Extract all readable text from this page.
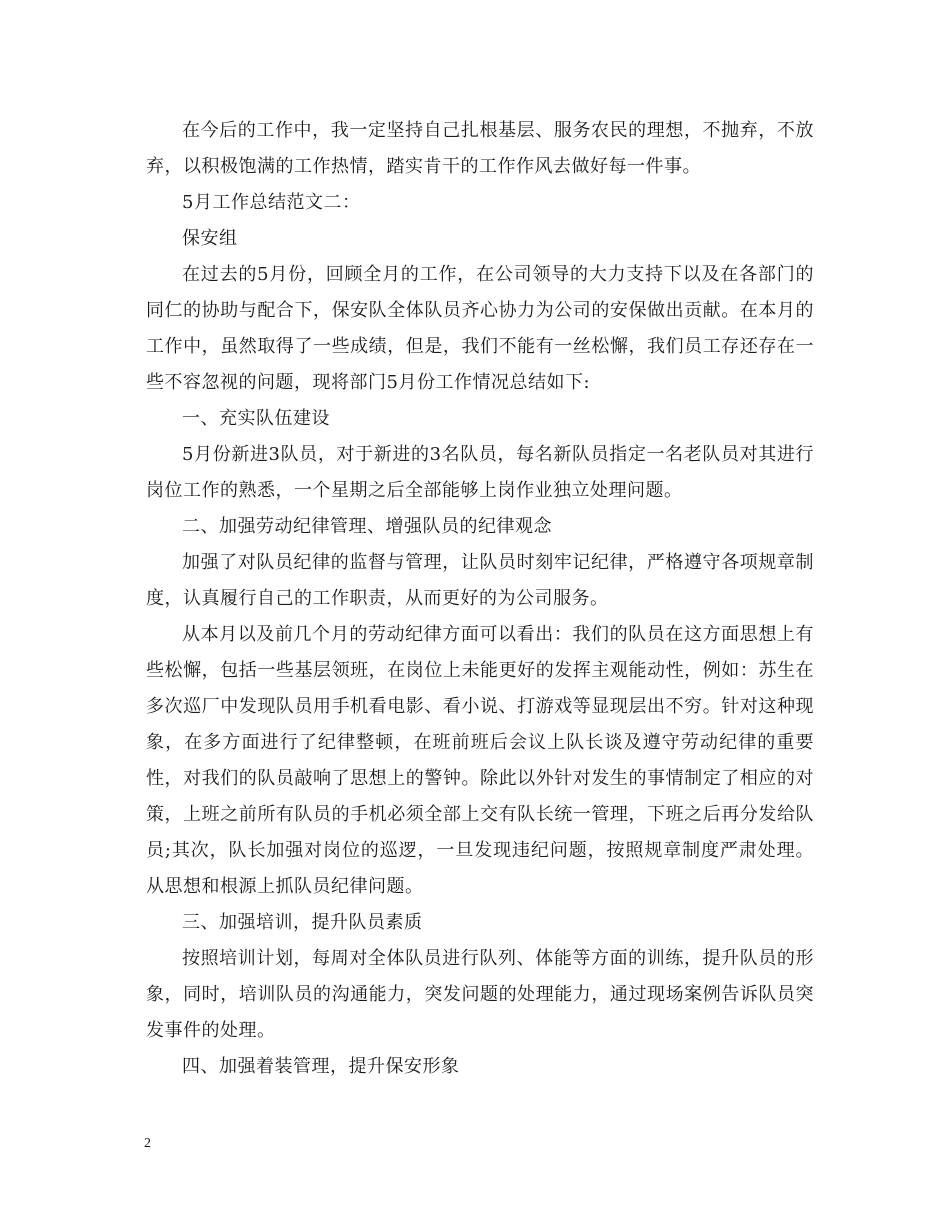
在今后的工作中，我一定坚持自己扎根基层、服务农民的理想，不抛弃，不放弃，以积极饱满的工作热情，踏实肯干的工作作风去做好每一件事。

5月工作总结范文二：

保安组

在过去的5月份，回顾全月的工作，在公司领导的大力支持下以及在各部门的同仁的协助与配合下，保安队全体队员齐心协力为公司的安保做出贡献。在本月的工作中，虽然取得了一些成绩，但是，我们不能有一丝松懈，我们员工存还存在一些不容忽视的问题，现将部门5月份工作情况总结如下:

一、充实队伍建设

5月份新进3队员，对于新进的3名队员，每名新队员指定一名老队员对其进行岗位工作的熟悉，一个星期之后全部能够上岗作业独立处理问题。

二、加强劳动纪律管理、增强队员的纪律观念

加强了对队员纪律的监督与管理，让队员时刻牢记纪律，严格遵守各项规章制度，认真履行自己的工作职责，从而更好的为公司服务。

从本月以及前几个月的劳动纪律方面可以看出：我们的队员在这方面思想上有些松懈，包括一些基层领班，在岗位上未能更好的发挥主观能动性，例如：苏生在多次巡厂中发现队员用手机看电影、看小说、打游戏等显现层出不穷。针对这种现象，在多方面进行了纪律整顿，在班前班后会议上队长谈及遵守劳动纪律的重要性，对我们的队员敲响了思想上的警钟。除此以外针对发生的事情制定了相应的对策，上班之前所有队员的手机必须全部上交有队长统一管理，下班之后再分发给队员;其次，队长加强对岗位的巡逻，一旦发现违纪问题，按照规章制度严肃处理。从思想和根源上抓队员纪律问题。

三、加强培训，提升队员素质

按照培训计划，每周对全体队员进行队列、体能等方面的训练，提升队员的形象，同时，培训队员的沟通能力，突发问题的处理能力，通过现场案例告诉队员突发事件的处理。

四、加强着装管理，提升保安形象

2
